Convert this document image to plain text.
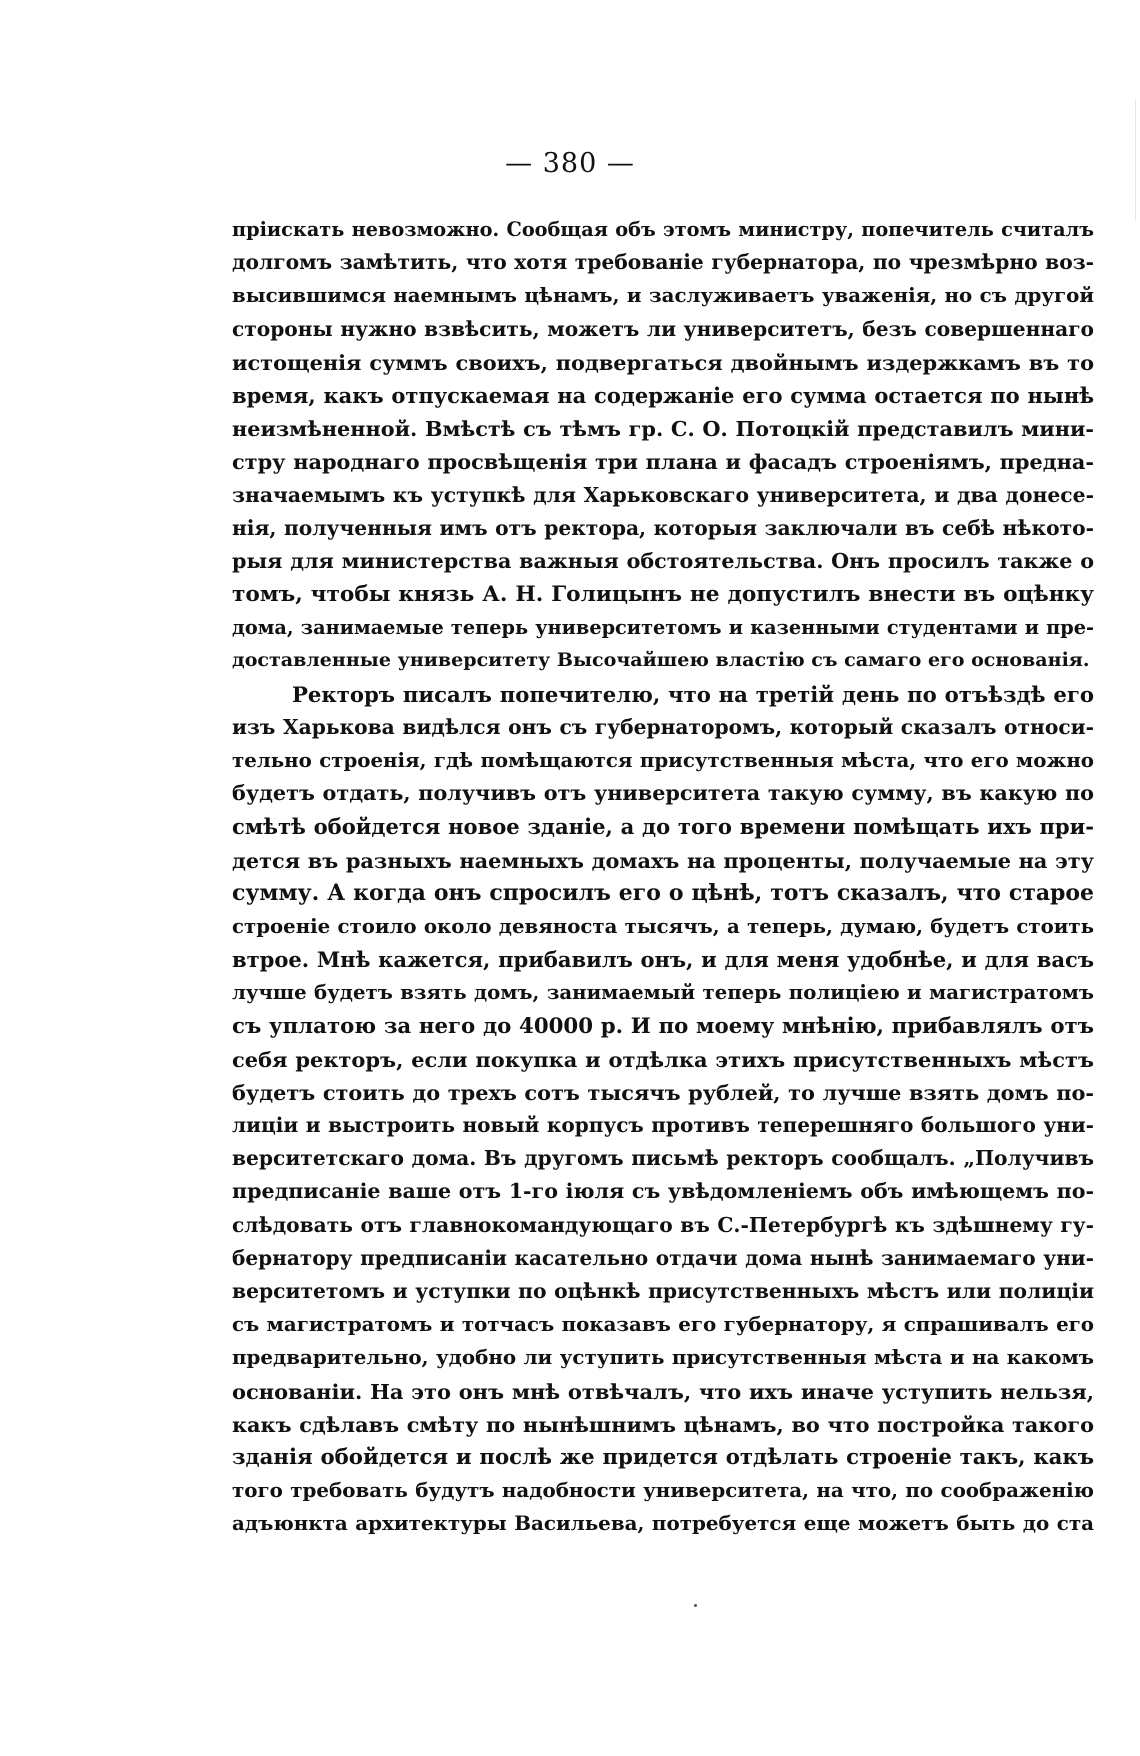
— 380 —
пріискать невозможно. Сообщая объ этомъ министру, попечитель считалъ
долгомъ замѣтить, что хотя требованіе губернатора, по чрезмѣрно воз-
высившимся наемнымъ цѣнамъ, и заслуживаетъ уваженія, но съ другой
стороны нужно взвѣсить, можетъ ли университетъ, безъ совершеннаго
истощенія суммъ своихъ, подвергаться двойнымъ издержкамъ въ то
время, какъ отпускаемая на содержаніе его сумма остается по нынѣ
неизмѣненной. Вмѣстѣ съ тѣмъ гр. С. О. Потоцкій представилъ мини-
стру народнаго просвѣщенія три плана и фасадъ строеніямъ, предна-
значаемымъ къ уступкѣ для Харьковскаго университета, и два донесе-
нія, полученныя имъ отъ ректора, которыя заключали въ себѣ нѣкото-
рыя для министерства важныя обстоятельства. Онъ просилъ также о
томъ, чтобы князь А. Н. Голицынъ не допустилъ внести въ оцѣнку
дома, занимаемые теперь университетомъ и казенными студентами и пре-
доставленные университету Высочайшею властію съ самаго его основанія.
Ректоръ писалъ попечителю, что на третій день по отъѣздѣ его
изъ Харькова видѣлся онъ съ губернаторомъ, который сказалъ относи-
тельно строенія, гдѣ помѣщаются присутственныя мѣста, что его можно
будетъ отдать, получивъ отъ университета такую сумму, въ какую по
смѣтѣ обойдется новое зданіе, а до того времени помѣщать ихъ при-
дется въ разныхъ наемныхъ домахъ на проценты, получаемые на эту
сумму. А когда онъ спросилъ его о цѣнѣ, тотъ сказалъ, что старое
строеніе стоило около девяноста тысячъ, а теперь, думаю, будетъ стоить
втрое. Мнѣ кажется, прибавилъ онъ, и для меня удобнѣе, и для васъ
лучше будетъ взять домъ, занимаемый теперь полиціею и магистратомъ
съ уплатою за него до 40000 р. И по моему мнѣнію, прибавлялъ отъ
себя ректоръ, если покупка и отдѣлка этихъ присутственныхъ мѣстъ
будетъ стоить до трехъ сотъ тысячъ рублей, то лучше взять домъ по-
лиціи и выстроить новый корпусъ противъ теперешняго большого уни-
верситетскаго дома. Въ другомъ письмѣ ректоръ сообщалъ. „Получивъ
предписаніе ваше отъ 1-го іюля съ увѣдомленіемъ объ имѣющемъ по-
слѣдовать отъ главнокомандующаго въ С.-Петербургѣ къ здѣшнему гу-
бернатору предписаніи касательно отдачи дома нынѣ занимаемаго уни-
верситетомъ и уступки по оцѣнкѣ присутственныхъ мѣстъ или полиціи
съ магистратомъ и тотчасъ показавъ его губернатору, я спрашивалъ его
предварительно, удобно ли уступить присутственныя мѣста и на какомъ
основаніи. На это онъ мнѣ отвѣчалъ, что ихъ иначе уступить нельзя,
какъ сдѣлавъ смѣту по нынѣшнимъ цѣнамъ, во что постройка такого
зданія обойдется и послѣ же придется отдѣлать строеніе такъ, какъ
того требовать будутъ надобности университета, на что, по соображенію
адъюнкта архитектуры Васильева, потребуется еще можетъ быть до ста
